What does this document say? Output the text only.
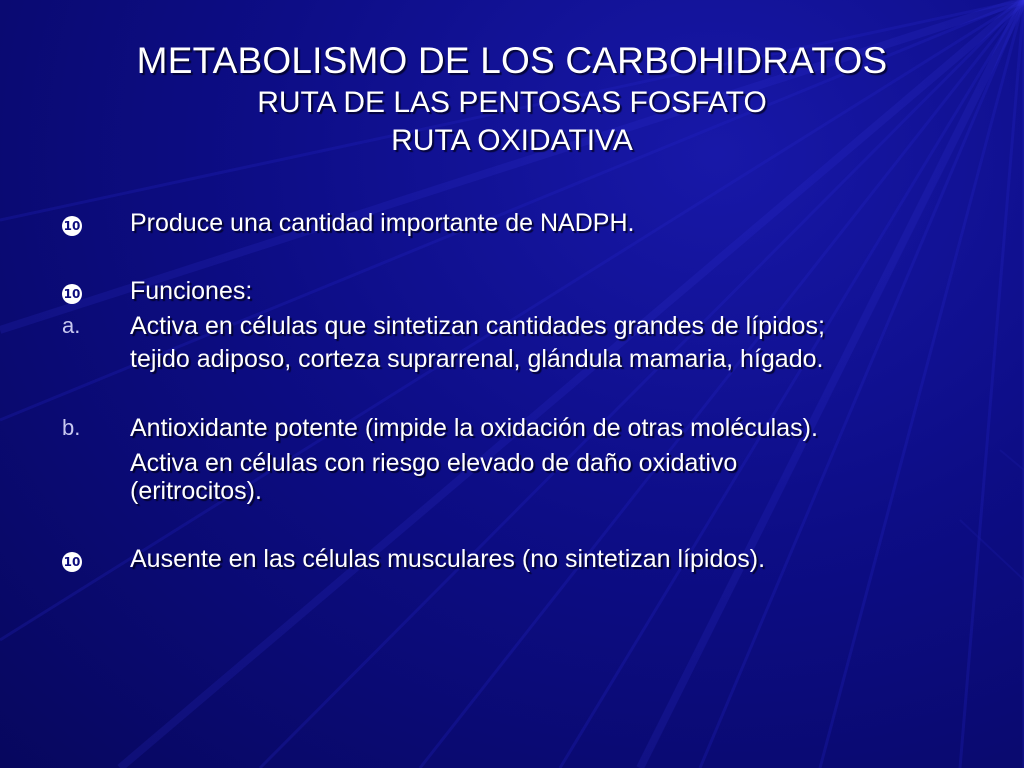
METABOLISMO DE LOS CARBOHIDRATOS
RUTA DE LAS PENTOSAS FOSFATO
RUTA OXIDATIVA
10 Produce una cantidad importante de NADPH.
10 Funciones:
a. Activa en células que sintetizan cantidades grandes de lípidos;
tejido adiposo, corteza suprarrenal, glándula mamaria, hígado.
b. Antioxidante potente (impide la oxidación de otras moléculas).
Activa en células con riesgo elevado de daño oxidativo
(eritrocitos).
10 Ausente en las células musculares (no sintetizan lípidos).
